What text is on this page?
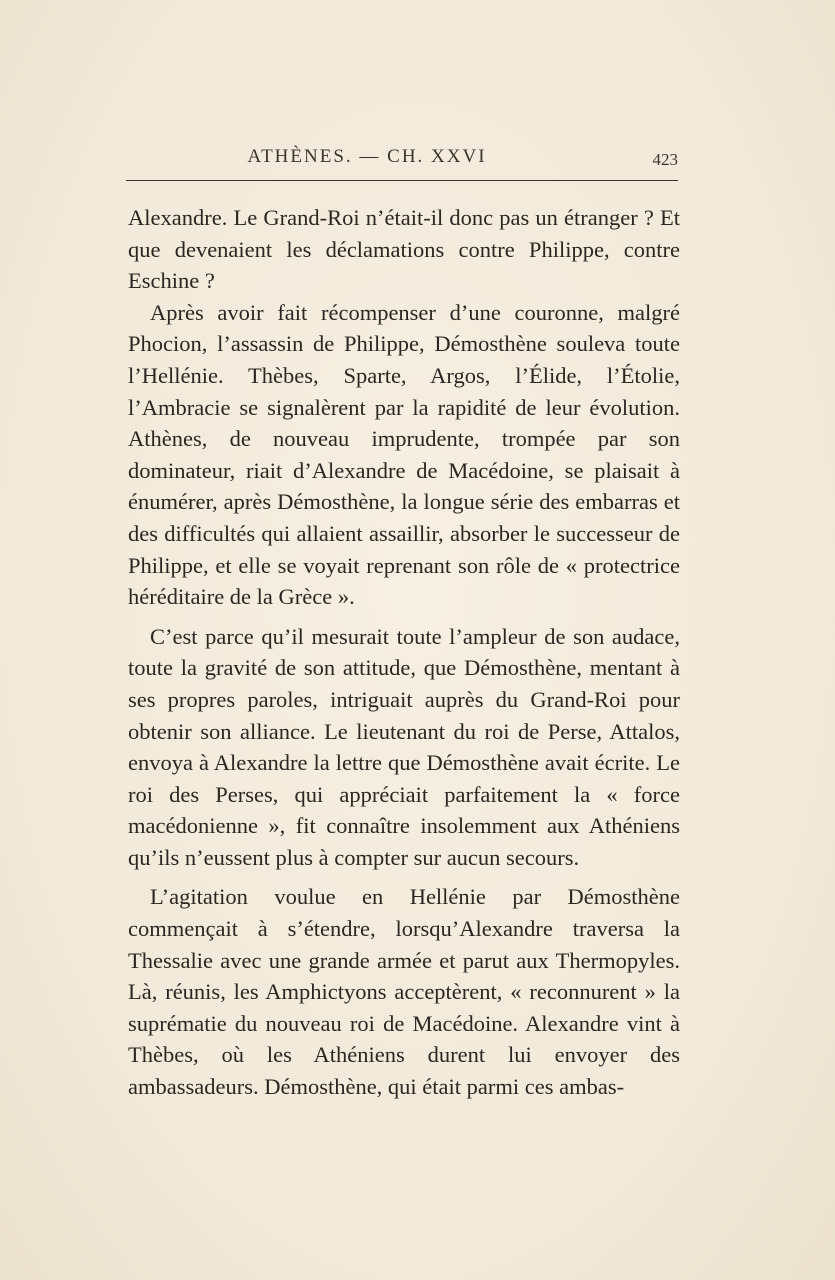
ATHÈNES. — CH. XXVI	423

Alexandre. Le Grand-Roi n’était-il donc pas un étranger ? Et que devenaient les déclamations contre Philippe, contre Eschine ?

Après avoir fait récompenser d’une couronne, malgré Phocion, l’assassin de Philippe, Démosthène souleva toute l’Hellénie. Thèbes, Sparte, Argos, l’Élide, l’Étolie, l’Ambracie se signalèrent par la rapidité de leur évolution. Athènes, de nouveau imprudente, trompée par son dominateur, riait d’Alexandre de Macédoine, se plaisait à énumérer, après Démosthène, la longue série des embarras et des difficultés qui allaient assaillir, absorber le successeur de Philippe, et elle se voyait reprenant son rôle de « protectrice héréditaire de la Grèce ».

C’est parce qu’il mesurait toute l’ampleur de son audace, toute la gravité de son attitude, que Démosthène, mentant à ses propres paroles, intriguait auprès du Grand-Roi pour obtenir son alliance. Le lieutenant du roi de Perse, Attalos, envoya à Alexandre la lettre que Démosthène avait écrite. Le roi des Perses, qui appréciait parfaitement la « force macédonienne », fit connaître insolemment aux Athéniens qu’ils n’eussent plus à compter sur aucun secours.

L’agitation voulue en Hellénie par Démosthène commençait à s’étendre, lorsqu’Alexandre traversa la Thessalie avec une grande armée et parut aux Thermopyles. Là, réunis, les Amphictyons acceptèrent, « reconnurent » la suprématie du nouveau roi de Macédoine. Alexandre vint à Thèbes, où les Athéniens durent lui envoyer des ambassadeurs. Démosthène, qui était parmi ces ambas-
